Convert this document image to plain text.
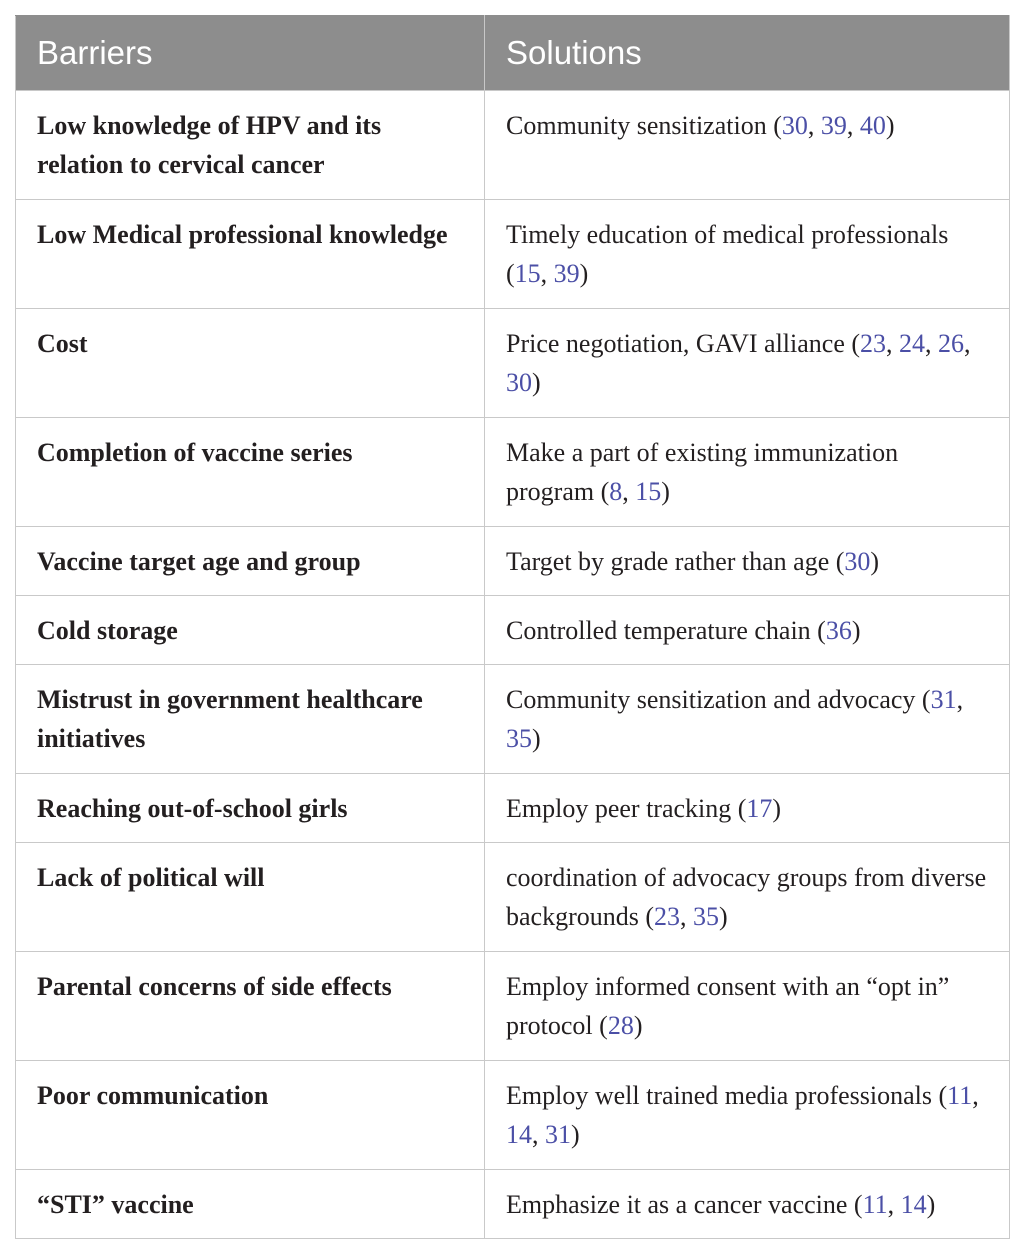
Barriers	Solutions
Low knowledge of HPV and its relation to cervical cancer	Community sensitization (30, 39, 40)
Low Medical professional knowledge	Timely education of medical professionals (15, 39)
Cost	Price negotiation, GAVI alliance (23, 24, 26, 30)
Completion of vaccine series	Make a part of existing immunization program (8, 15)
Vaccine target age and group	Target by grade rather than age (30)
Cold storage	Controlled temperature chain (36)
Mistrust in government healthcare initiatives	Community sensitization and advocacy (31, 35)
Reaching out-of-school girls	Employ peer tracking (17)
Lack of political will	coordination of advocacy groups from diverse backgrounds (23, 35)
Parental concerns of side effects	Employ informed consent with an “opt in” protocol (28)
Poor communication	Employ well trained media professionals (11, 14, 31)
“STI” vaccine	Emphasize it as a cancer vaccine (11, 14)
